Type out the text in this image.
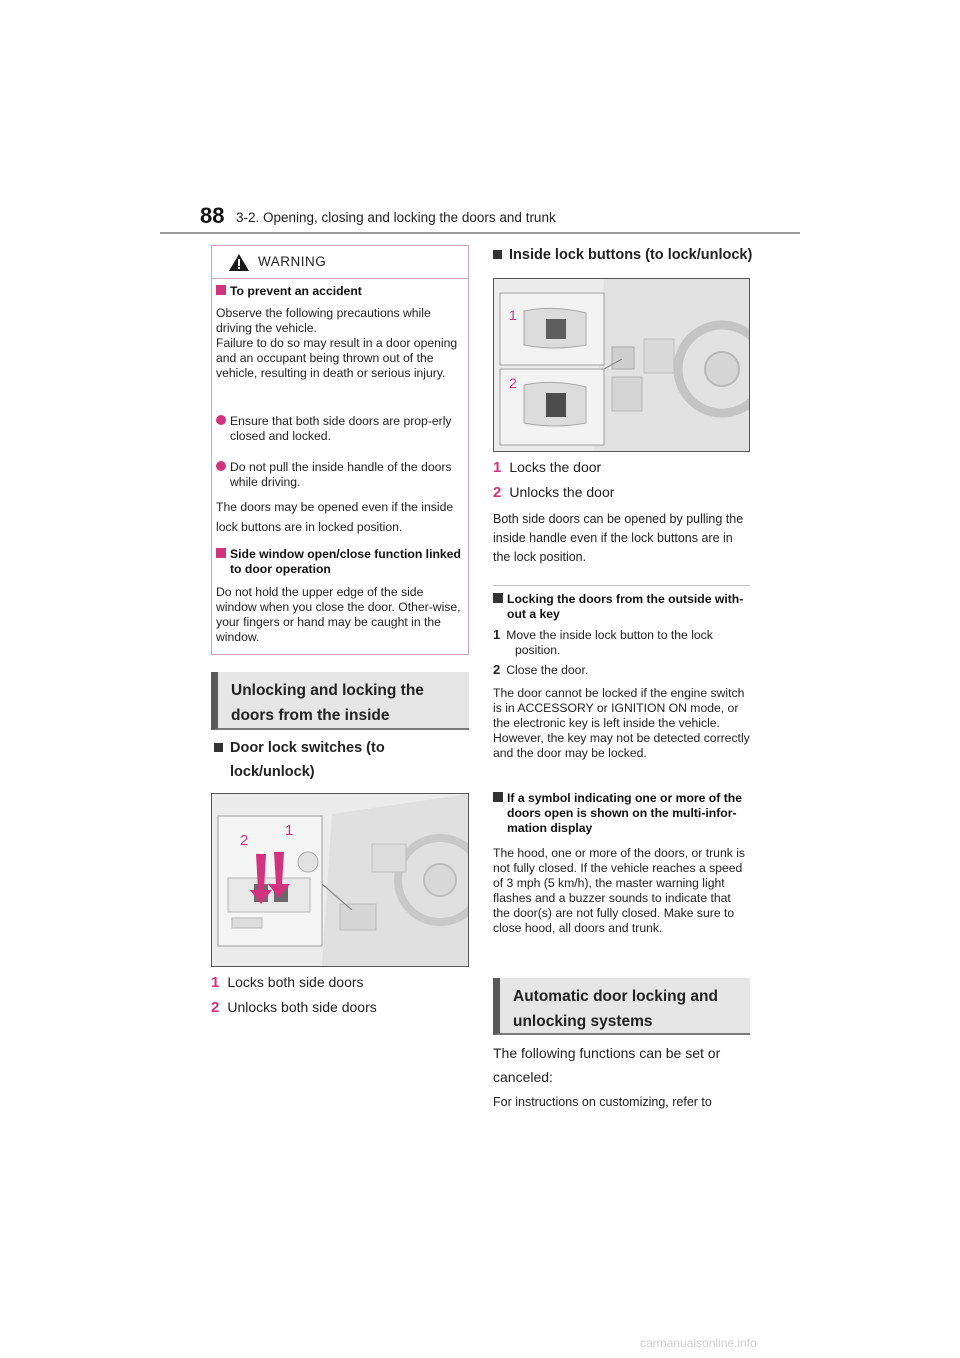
88 3-2. Opening, closing and locking the doors and trunk
WARNING
To prevent an accident
Observe the following precautions while driving the vehicle.
Failure to do so may result in a door opening and an occupant being thrown out of the vehicle, resulting in death or serious injury.
Ensure that both side doors are prop-erly closed and locked.
Do not pull the inside handle of the doors while driving.
The doors may be opened even if the inside lock buttons are in locked position.
Side window open/close function linked to door operation
Do not hold the upper edge of the side window when you close the door. Other-wise, your fingers or hand may be caught in the window.
Unlocking and locking the doors from the inside
Door lock switches (to lock/unlock)
1
2
1 Locks both side doors
2 Unlocks both side doors
Inside lock buttons (to lock/unlock)
1
2
1 Locks the door
2 Unlocks the door
Both side doors can be opened by pulling the inside handle even if the lock buttons are in the lock position.
Locking the doors from the outside with-out a key
1 Move the inside lock button to the lock position.
2 Close the door.
The door cannot be locked if the engine switch is in ACCESSORY or IGNITION ON mode, or the electronic key is left inside the vehicle. However, the key may not be detected correctly and the door may be locked.
If a symbol indicating one or more of the doors open is shown on the multi-infor-mation display
The hood, one or more of the doors, or trunk is not fully closed. If the vehicle reaches a speed of 3 mph (5 km/h), the master warning light flashes and a buzzer sounds to indicate that the door(s) are not fully closed. Make sure to close hood, all doors and trunk.
Automatic door locking and unlocking systems
The following functions can be set or canceled:
For instructions on customizing, refer to
carmanualsonline.info
